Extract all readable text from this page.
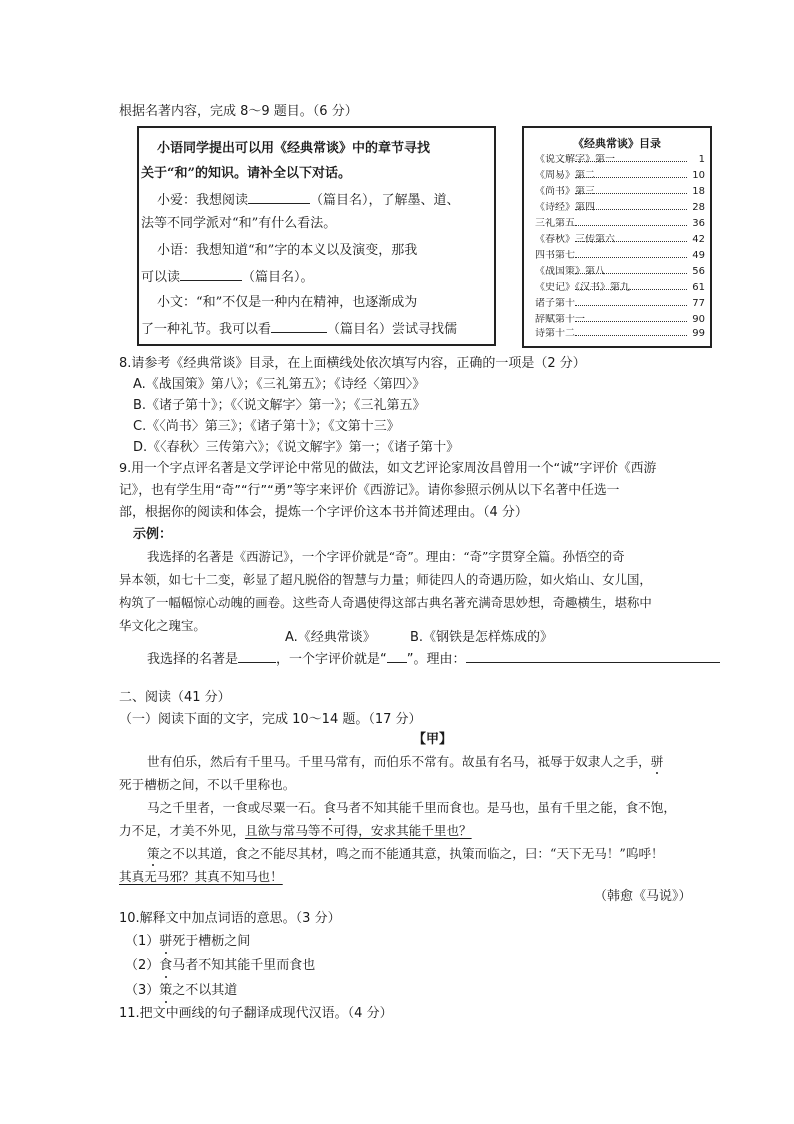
根据名著内容，完成 8～9 题目。（6 分）

小语同学提出可以用《经典常谈》中的章节寻找

关于“和”的知识。请补全以下对话。

小爱：我想阅读	（篇目名），了解墨、道、

法等不同学派对“和”有什么看法。

小语：我想知道“和”字的本义以及演变，那我

可以读	（篇目名）。

小文：“和”不仅是一种内在精神，也逐渐成为

了一种礼节。我可以看	（篇目名）尝试寻找儒

《经典常谈》目录
《说文解字》第一	1
《周易》第二	10
《尚书》第三	18
《诗经》第四	28
三礼第五	36
《春秋》三传第六	42
四书第七	49
《战国策》第八	56
《史记》《汉书》第九	61
诸子第十	77
辞赋第十一	90
诗第十二	99

8.请参考《经典常谈》目录，在上面横线处依次填写内容，正确的一项是（2 分）

A.《战国策》第八》；《三礼第五》；《诗经〈第四〉》

B.《诸子第十》；《〈说文解字〉第一》；《三礼第五》

C.《〈尚书〉第三》；《诸子第十》；《文第十三》

D.《〈春秋〉三传第六》；《说文解字》第一；《诸子第十》

9.用一个字点评名著是文学评论中常见的做法，如文艺评论家周汝昌曾用一个“诚”字评价《西游

记》，也有学生用“奇”“行”“勇”等字来评价《西游记》。请你参照示例从以下名著中任选一

部，根据你的阅读和体会，提炼一个字评价这本书并简述理由。（4 分）

示例：

我选择的名著是《西游记》，一个字评价就是“奇”。理由：“奇”字贯穿全篇。孙悟空的奇

异本领，如七十二变，彰显了超凡脱俗的智慧与力量；师徒四人的奇遇历险，如火焰山、女儿国，

构筑了一幅幅惊心动魄的画卷。这些奇人奇遇使得这部古典名著充满奇思妙想，奇趣横生，堪称中

华文化之瑰宝。

A.《经典常谈》	B.《钢铁是怎样炼成的》

我选择的名著是	，一个字评价就是“ ”。理由：

二、阅读（41 分）

（一）阅读下面的文字，完成 10～14 题。（17 分）

【甲】

世有伯乐，然后有千里马。千里马常有，而伯乐不常有。故虽有名马，祗辱于奴隶人之手，骈

死于槽枥之间，不以千里称也。

马之千里者，一食或尽粟一石。食马者不知其能千里而食也。是马也，虽有千里之能，食不饱，

力不足，才美不外见，且欲与常马等不可得，安求其能千里也？

策之不以其道，食之不能尽其材，鸣之而不能通其意，执策而临之，曰：“天下无马！”呜呼！

其真无马邪？其真不知马也！

（韩愈《马说》）

10.解释文中加点词语的意思。（3 分）

（1）骈死于槽枥之间

（2）食马者不知其能千里而食也

（3）策之不以其道

11.把文中画线的句子翻译成现代汉语。（4 分）
